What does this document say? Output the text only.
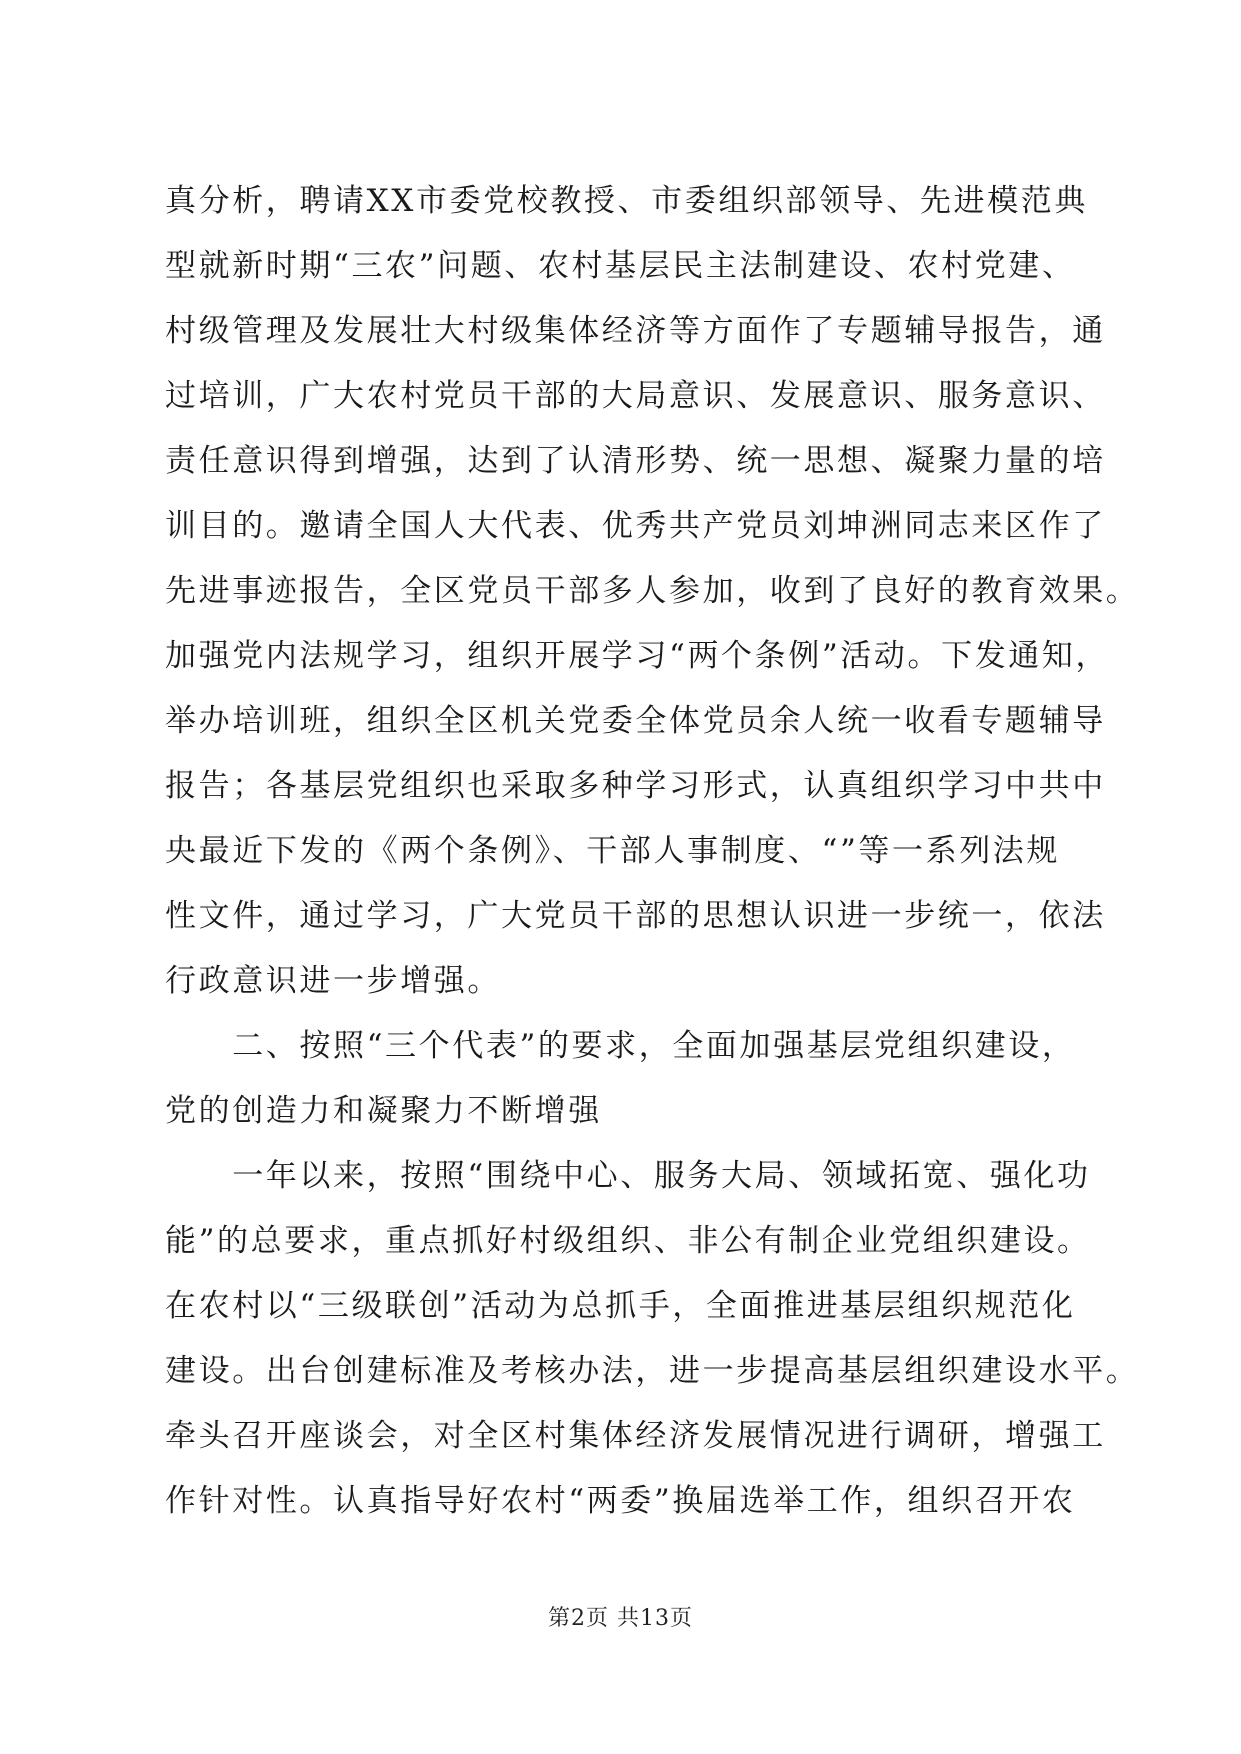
真分析，聘请XX市委党校教授、市委组织部领导、先进模范典
型就新时期“三农”问题、农村基层民主法制建设、农村党建、
村级管理及发展壮大村级集体经济等方面作了专题辅导报告，通
过培训，广大农村党员干部的大局意识、发展意识、服务意识、
责任意识得到增强，达到了认清形势、统一思想、凝聚力量的培
训目的。邀请全国人大代表、优秀共产党员刘坤洲同志来区作了
先进事迹报告，全区党员干部多人参加，收到了良好的教育效果。
加强党内法规学习，组织开展学习“两个条例”活动。下发通知，
举办培训班，组织全区机关党委全体党员余人统一收看专题辅导
报告；各基层党组织也采取多种学习形式，认真组织学习中共中
央最近下发的《两个条例》、干部人事制度、“”等一系列法规
性文件，通过学习，广大党员干部的思想认识进一步统一，依法
行政意识进一步增强。
　　二、按照“三个代表”的要求，全面加强基层党组织建设，
党的创造力和凝聚力不断增强
　　一年以来，按照“围绕中心、服务大局、领域拓宽、强化功
能”的总要求，重点抓好村级组织、非公有制企业党组织建设。
在农村以“三级联创”活动为总抓手，全面推进基层组织规范化
建设。出台创建标准及考核办法，进一步提高基层组织建设水平。
牵头召开座谈会，对全区村集体经济发展情况进行调研，增强工
作针对性。认真指导好农村“两委”换届选举工作，组织召开农
第2页 共13页
